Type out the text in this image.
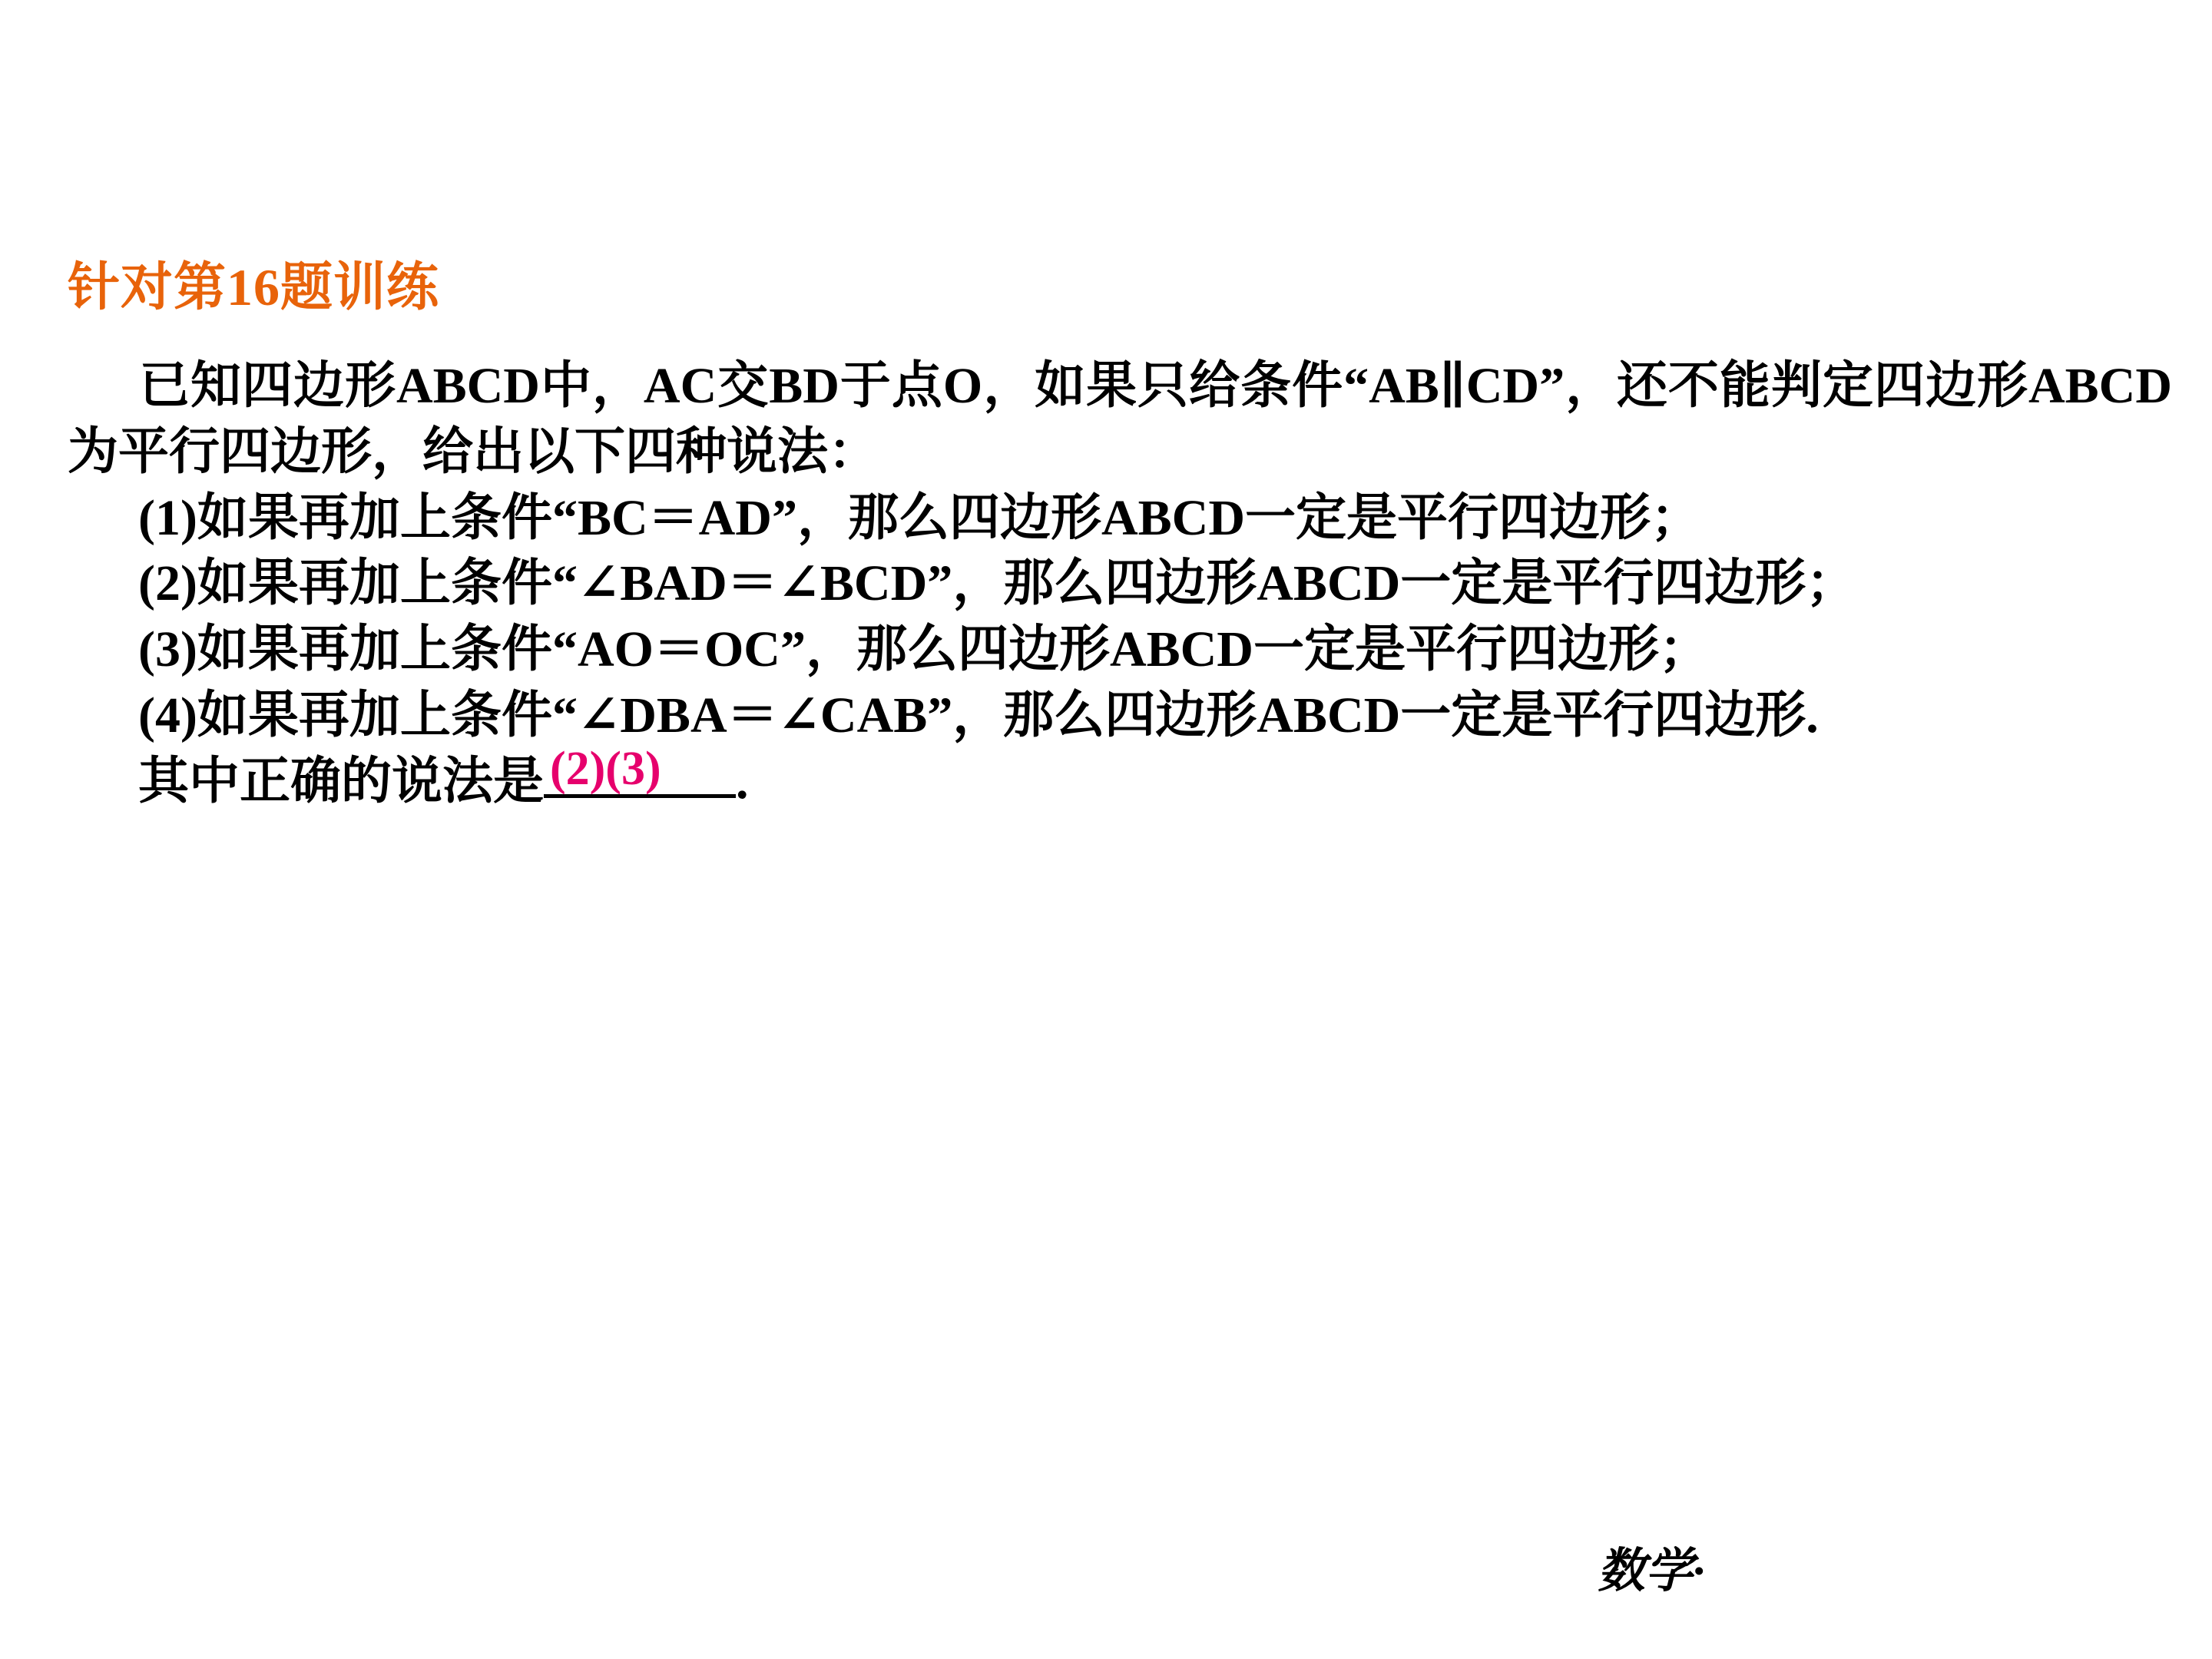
针对第16题训练

已知四边形ABCD中，AC交BD于点O，如果只给条件“AB∥CD”，还不能判定四边形ABCD为平行四边形，给出以下四种说法：

(1)如果再加上条件“BC＝AD”，那么四边形ABCD一定是平行四边形；

(2)如果再加上条件“∠BAD＝∠BCD”，那么四边形ABCD一定是平行四边形；

(3)如果再加上条件“AO＝OC”，那么四边形ABCD一定是平行四边形；

(4)如果再加上条件“∠DBA＝∠CAB”，那么四边形ABCD一定是平行四边形.

其中正确的说法是 (2)(3) .

数学·
